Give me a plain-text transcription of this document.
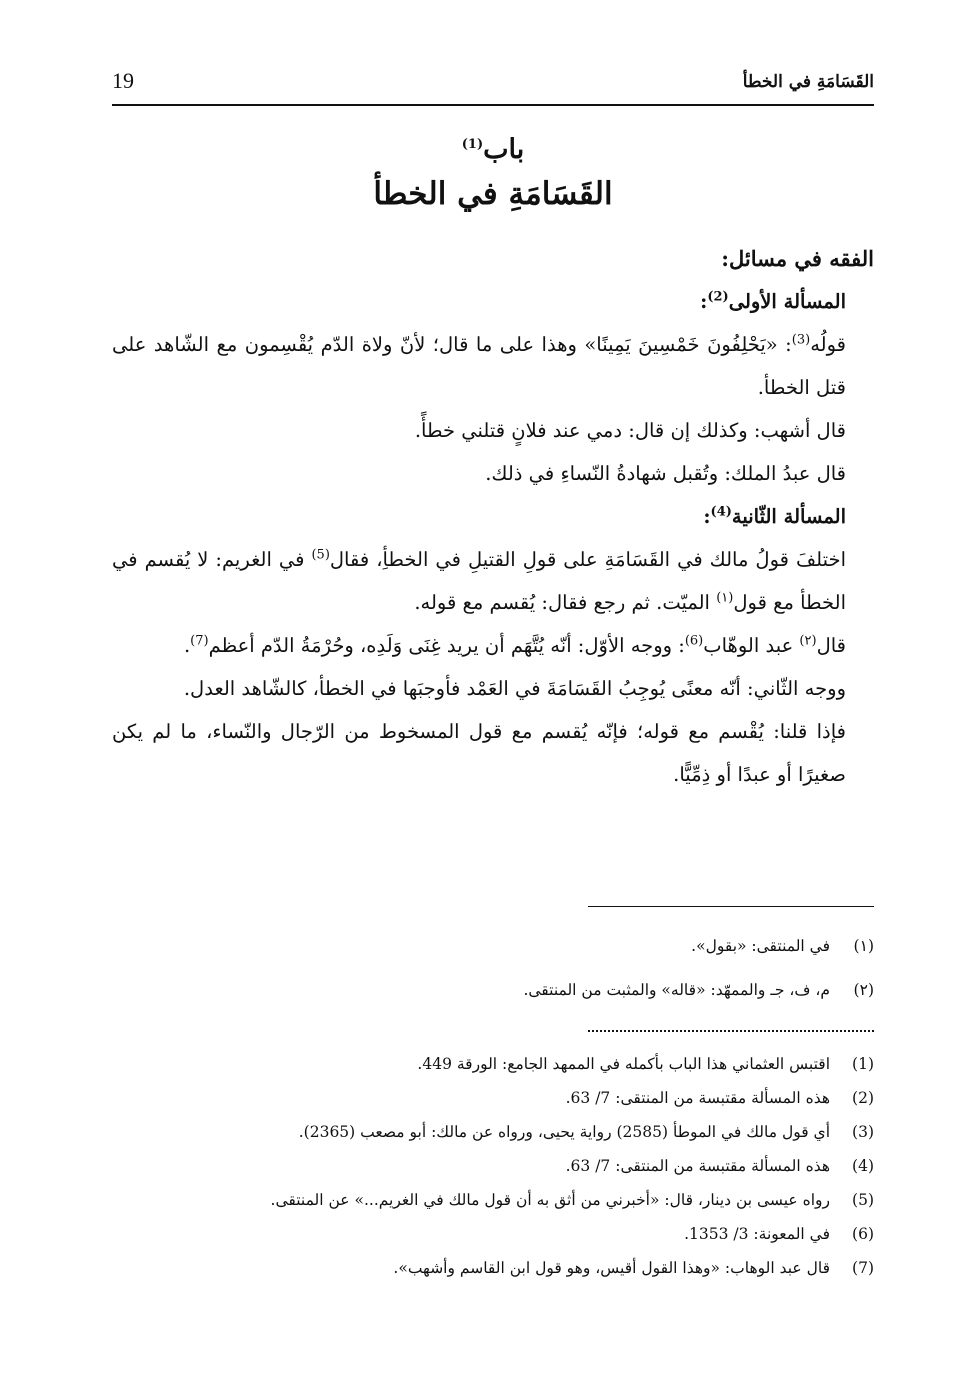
19	القَسَامَةِ في الخطأ
باب$^{(1)}$
القَسَامَةِ في الخطأ

الفقه في مسائل:

المسألة الأولى$^{(2)}$:

قولُه$^{(3)}$: «يَحْلِفُونَ خَمْسِينَ يَمِينًا» وهذا على ما قال؛ لأنّ ولاة الدّم يُقْسِمون مع الشّاهد على قتل الخطأ.

قال أشهب: وكذلك إن قال: دمي عند فلانٍ قتلني خطأً.

قال عبدُ الملك: وتُقبل شهادةُ النّساءِ في ذلك.

المسألة الثّانية$^{(4)}$:

اختلفَ قولُ مالك في القَسَامَةِ على قولِ القتيلِ في الخطأِ، فقال$^{(5)}$ في الغريم: لا يُقسم في الخطأ مع قول$^{(١)}$ الميّت. ثم رجع فقال: يُقسم مع قوله.

قال$^{(٢)}$ عبد الوهّاب$^{(6)}$: ووجه الأوّل: أنّه يُتَّهَم أن يريد غِنَى وَلَدِه، وحُرْمَةُ الدّم أعظم$^{(7)}$.

ووجه الثّاني: أنّه معنًى يُوجِبُ القَسَامَةَ في العَمْد فأوجبَها في الخطأ، كالشّاهد العدل.

فإذا قلنا: يُقْسم مع قوله؛ فإنّه يُقسم مع قول المسخوط من الرّجال والنّساء، ما لم يكن صغيرًا أو عبدًا أو ذِمِّيًّا.

(١)
في المنتقى: «بقول».
(٢)
م، ف، جـ والممهّد: «قاله» والمثبت من المنتقى.
(1)
اقتبس العثماني هذا الباب بأكمله في الممهد الجامع: الورقة 449.
(2)
هذه المسألة مقتبسة من المنتقى: 7/ 63.
(3)
أي قول مالك في الموطأ (2585) رواية يحيى، ورواه عن مالك: أبو مصعب (2365).
(4)
هذه المسألة مقتبسة من المنتقى: 7/ 63.
(5)
رواه عيسى بن دينار، قال: «أخبرني من أثق به أن قول مالك في الغريم...» عن المنتقى.
(6)
في المعونة: 3/ 1353.
(7)
قال عبد الوهاب: «وهذا القول أقيس، وهو قول ابن القاسم وأشهب».
